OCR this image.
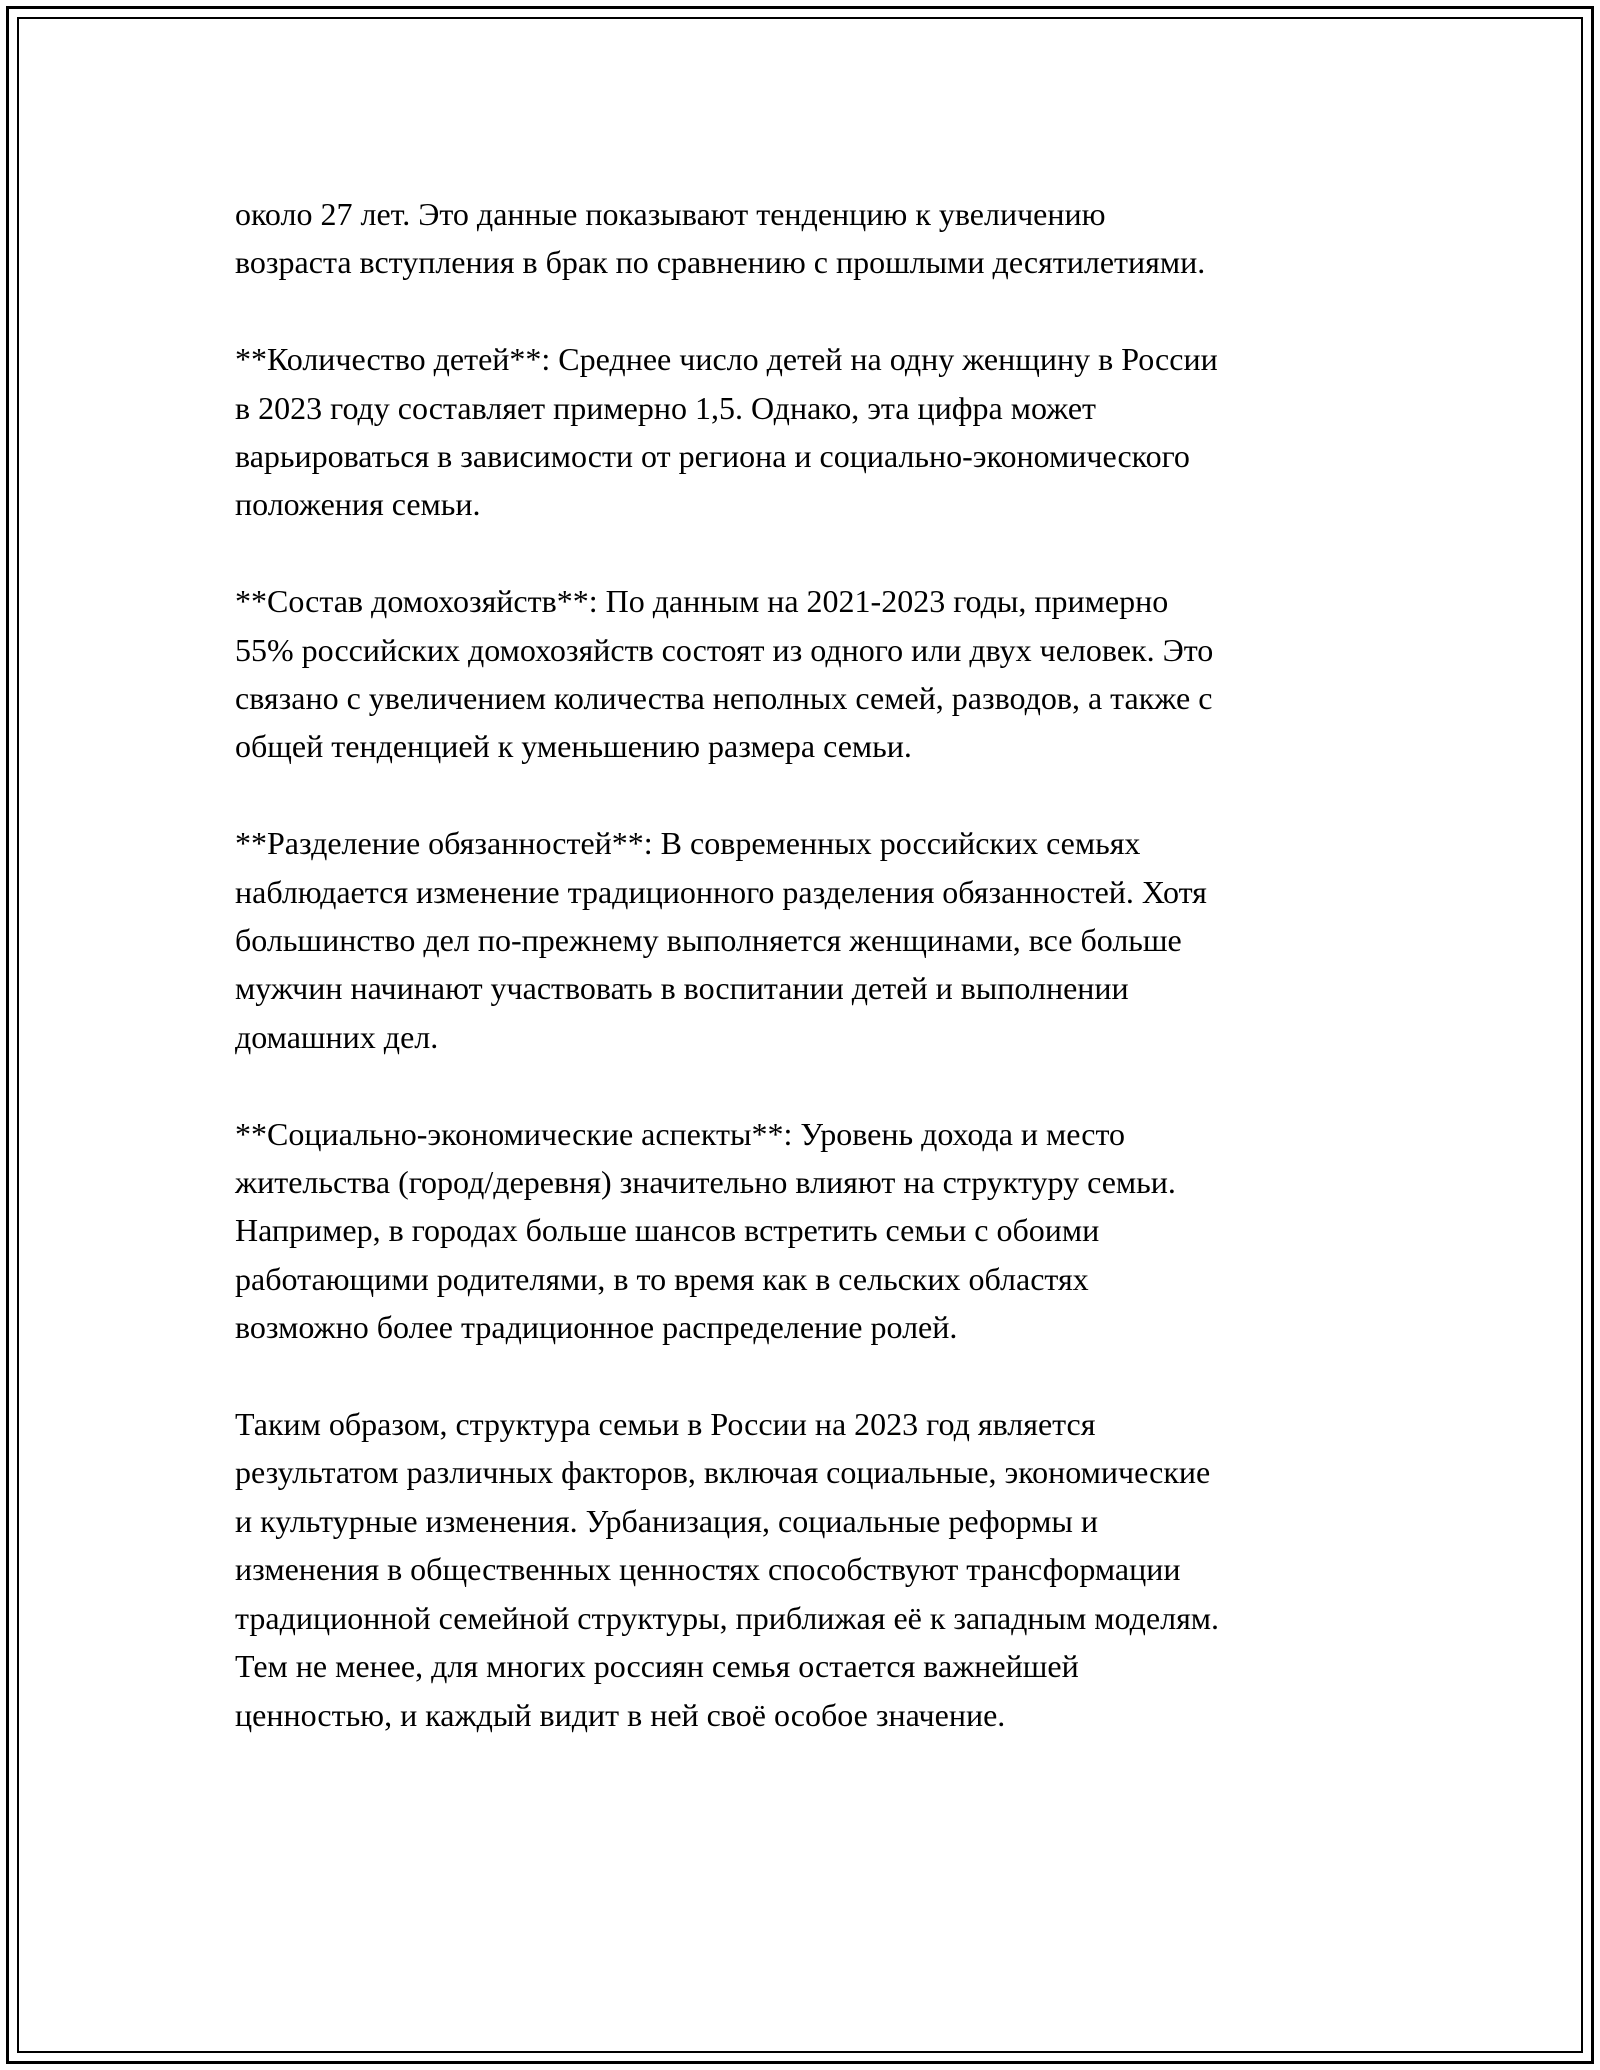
около 27 лет. Это данные показывают тенденцию к увеличению
возраста вступления в брак по сравнению с прошлыми десятилетиями.

**Количество детей**: Среднее число детей на одну женщину в России
в 2023 году составляет примерно 1,5. Однако, эта цифра может
варьироваться в зависимости от региона и социально-экономического
положения семьи.

**Состав домохозяйств**: По данным на 2021-2023 годы, примерно
55% российских домохозяйств состоят из одного или двух человек. Это
связано с увеличением количества неполных семей, разводов, а также с
общей тенденцией к уменьшению размера семьи.

**Разделение обязанностей**: В современных российских семьях
наблюдается изменение традиционного разделения обязанностей. Хотя
большинство дел по-прежнему выполняется женщинами, все больше
мужчин начинают участвовать в воспитании детей и выполнении
домашних дел.

**Социально-экономические аспекты**: Уровень дохода и место
жительства (город/деревня) значительно влияют на структуру семьи.
Например, в городах больше шансов встретить семьи с обоими
работающими родителями, в то время как в сельских областях
возможно более традиционное распределение ролей.

Таким образом, структура семьи в России на 2023 год является
результатом различных факторов, включая социальные, экономические
и культурные изменения. Урбанизация, социальные реформы и
изменения в общественных ценностях способствуют трансформации
традиционной семейной структуры, приближая её к западным моделям.
Тем не менее, для многих россиян семья остается важнейшей
ценностью, и каждый видит в ней своё особое значение.
